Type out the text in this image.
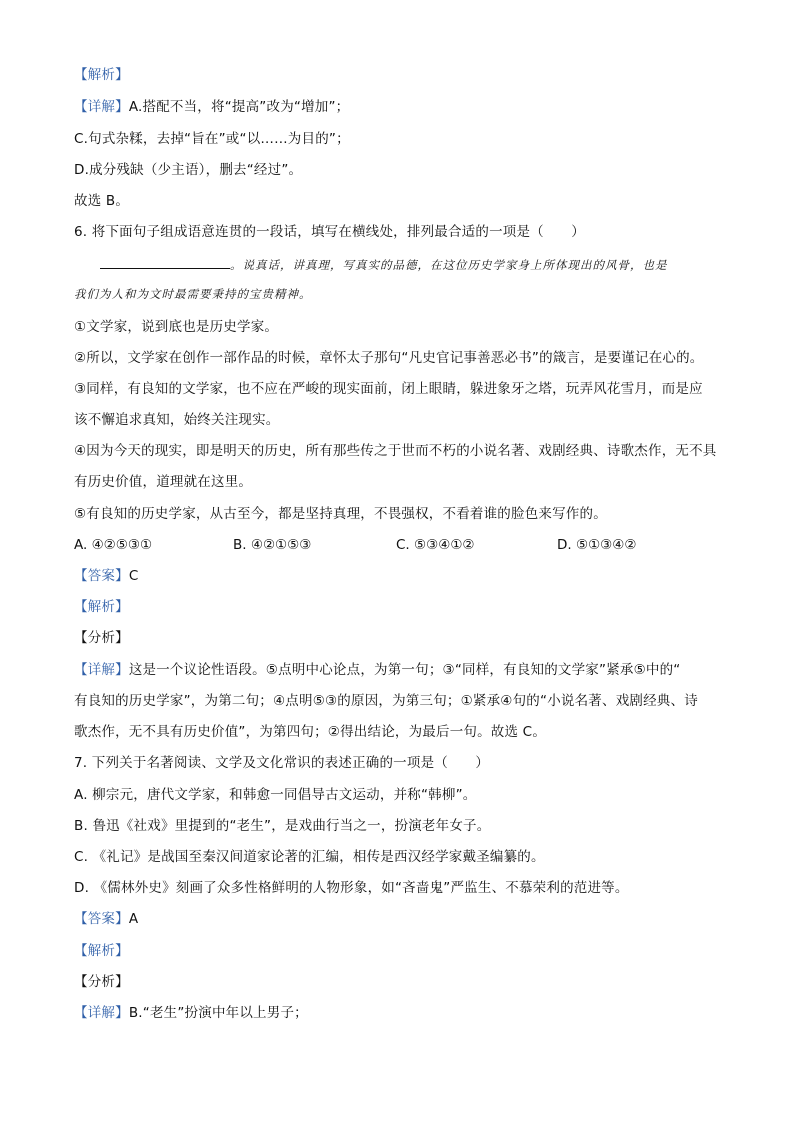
【解析】
【详解】A.搭配不当，将“提高”改为“增加”；
C.句式杂糅，去掉“旨在”或“以……为目的”；
D.成分残缺（少主语），删去“经过”。
故选 B。
6. 将下面句子组成语意连贯的一段话，填写在横线处，排列最合适的一项是（　　）
。说真话，讲真理，写真实的品德，在这位历史学家身上所体现出的风骨，也是
我们为人和为文时最需要秉持的宝贵精神。
①文学家，说到底也是历史学家。
②所以，文学家在创作一部作品的时候，章怀太子那句“凡史官记事善恶必书”的箴言，是要谨记在心的。
③同样，有良知的文学家，也不应在严峻的现实面前，闭上眼睛，躲进象牙之塔，玩弄风花雪月，而是应
该不懈追求真知，始终关注现实。
④因为今天的现实，即是明天的历史，所有那些传之于世而不朽的小说名著、戏剧经典、诗歌杰作，无不具
有历史价值，道理就在这里。
⑤有良知的历史学家，从古至今，都是坚持真理，不畏强权，不看着谁的脸色来写作的。
A. ④②⑤③①	B. ④②①⑤③	C. ⑤③④①②	D. ⑤①③④②
【答案】C
【解析】
【分析】
【详解】这是一个议论性语段。⑤点明中心论点，为第一句；③“同样，有良知的文学家”紧承⑤中的“
有良知的历史学家”，为第二句；④点明⑤③的原因，为第三句；①紧承④句的“小说名著、戏剧经典、诗
歌杰作，无不具有历史价值”，为第四句；②得出结论，为最后一句。故选 C。
7. 下列关于名著阅读、文学及文化常识的表述正确的一项是（　　）
A. 柳宗元，唐代文学家，和韩愈一同倡导古文运动，并称“韩柳”。
B. 鲁迅《社戏》里提到的“老生”，是戏曲行当之一，扮演老年女子。
C. 《礼记》是战国至秦汉间道家论著的汇编，相传是西汉经学家戴圣编纂的。
D. 《儒林外史》刻画了众多性格鲜明的人物形象，如“吝啬鬼”严监生、不慕荣利的范进等。
【答案】A
【解析】
【分析】
【详解】B.“老生”扮演中年以上男子；
